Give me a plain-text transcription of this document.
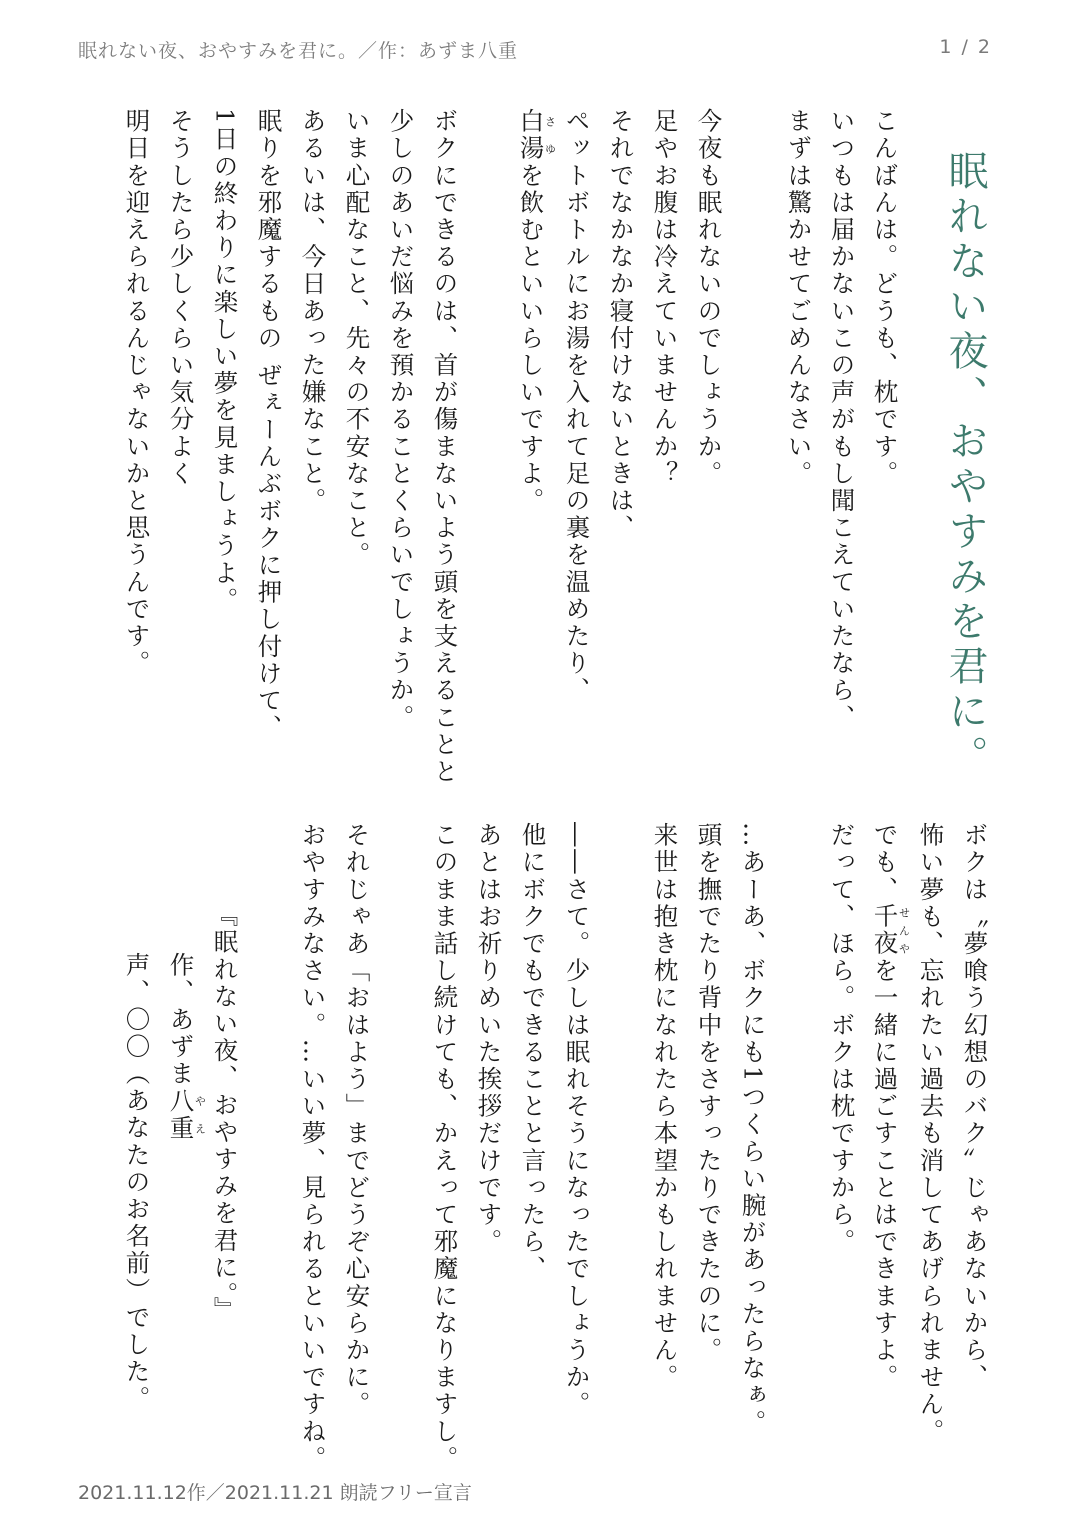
眠れない夜、おやすみを君に。／作：あずま八重	1 / 2
眠れない夜、おやすみを君に。
こんばんは。どうも、枕です。
いつもは届かないこの声がもし聞こえていたなら、
まずは驚かせてごめんなさい。
今夜も眠れないのでしょうか。
足やお腹は冷えていませんか？
それでなかなか寝付けないときは、
ペットボトルにお湯を入れて足の裏を温めたり、
白湯さゆを飲むといいらしいですよ。
ボクにできるのは、首が傷まないよう頭を支えることと
少しのあいだ悩みを預かることくらいでしょうか。
いま心配なこと、先々の不安なこと。
あるいは、今日あった嫌なこと。
眠りを邪魔するもの ぜぇーんぶボクに押し付けて、
1日の終わりに楽しい夢を見ましょうよ。
そうしたら少しくらい気分よく
明日を迎えられるんじゃないかと思うんです。
ボクは〝夢喰う幻想のバク〟じゃあないから、
怖い夢も、忘れたい過去も消してあげられません。
でも、千夜せんやを一緒に過ごすことはできますよ。
だって、ほら。ボクは枕ですから。
…あーあ、ボクにも1つくらい腕があったらなぁ。
頭を撫でたり背中をさすったりできたのに。
来世は抱き枕になれたら本望かもしれません。
――さて。少しは眠れそうになったでしょうか。
他にボクでもできることと言ったら、
あとはお祈りめいた挨拶だけです。
このまま話し続けても、かえって邪魔になりますし。
それじゃあ「おはよう」までどうぞ心安らかに。
おやすみなさい。…いい夢、見られるといいですね。
『眠れない夜、おやすみを君に。』
作、あずま八重やえ
声、〇〇（あなたのお名前）でした。
2021.11.12作／2021.11.21 朗読フリー宣言
